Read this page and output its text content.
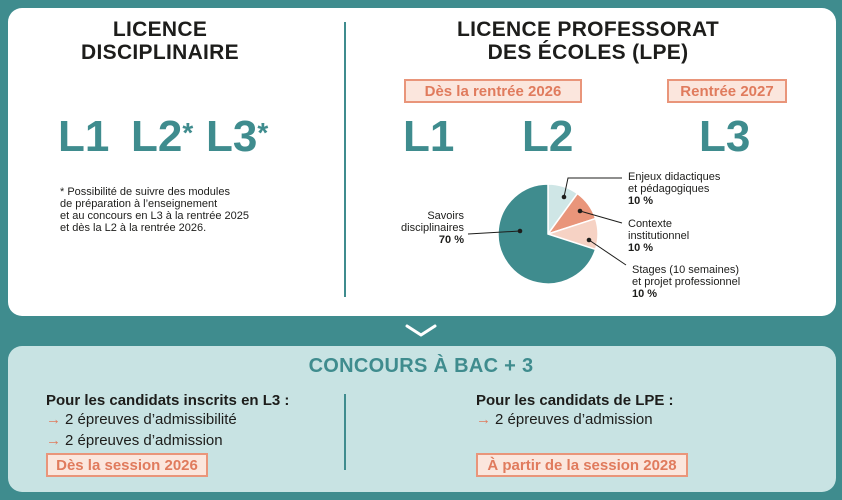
LICENCE
DISCIPLINAIRE
L1 L2* L3*
* Possibilité de suivre des modules
de préparation à l’enseignement
et au concours en L3 à la rentrée 2025
et dès la L2 à la rentrée 2026.
LICENCE PROFESSORAT
DES ÉCOLES (LPE)
Dès la rentrée 2026	Rentrée 2027
L1 L2	L3
Enjeux didactiques
et pédagogiques
10 %
Contexte
institutionnel
10 %
Stages (10 semaines)
et projet professionnel
10 %
Savoirs
disciplinaires
70 %
CONCOURS À BAC + 3
Pour les candidats inscrits en L3 :
→ 2 épreuves d’admissibilité
→ 2 épreuves d’admission
Dès la session 2026
Pour les candidats de LPE :
→ 2 épreuves d’admission
À partir de la session 2028
